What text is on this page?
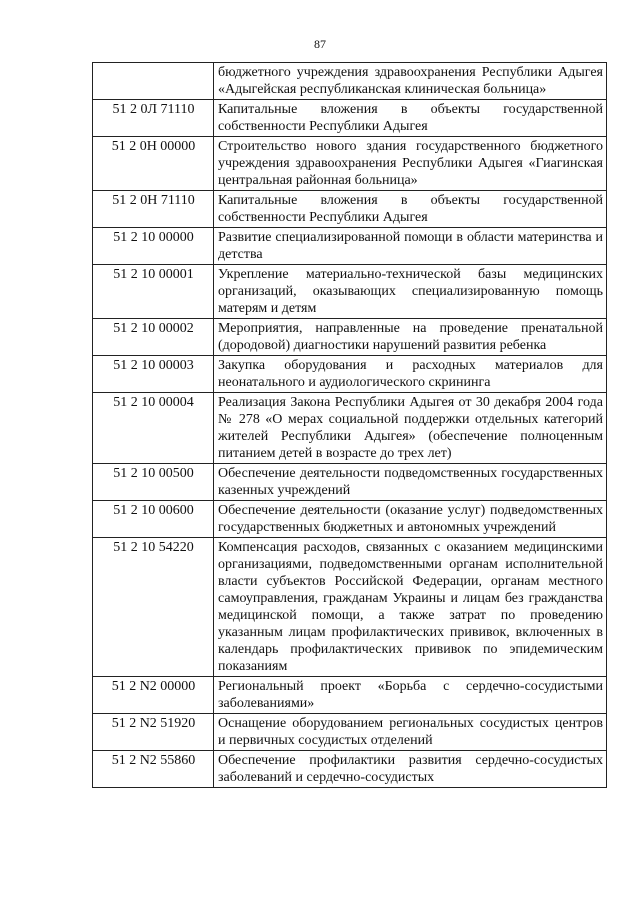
87
	бюджетного учреждения здравоохранения Республики Адыгея «Адыгейская республиканская клиническая больница»
51 2 0Л 71110	Капитальные вложения в объекты государственной собственности Республики Адыгея
51 2 0Н 00000	Строительство нового здания государственного бюджетного учреждения здравоохранения Республики Адыгея «Гиагинская центральная районная больница»
51 2 0Н 71110	Капитальные вложения в объекты государственной собственности Республики Адыгея
51 2 10 00000	Развитие специализированной помощи в области материнства и детства
51 2 10 00001	Укрепление материально-технической базы медицинских организаций, оказывающих специализированную помощь матерям и детям
51 2 10 00002	Мероприятия, направленные на проведение пренатальной (дородовой) диагностики нарушений развития ребенка
51 2 10 00003	Закупка оборудования и расходных материалов для неонатального и аудиологического скрининга
51 2 10 00004	Реализация Закона Республики Адыгея от 30 декабря 2004 года № 278 «О мерах социальной поддержки отдельных категорий жителей Республики Адыгея» (обеспечение полноценным питанием детей в возрасте до трех лет)
51 2 10 00500	Обеспечение деятельности подведомственных государственных казенных учреждений
51 2 10 00600	Обеспечение деятельности (оказание услуг) подведомственных государственных бюджетных и автономных учреждений
51 2 10 54220	Компенсация расходов, связанных с оказанием медицинскими организациями, подведомственными органам исполнительной власти субъектов Российской Федерации, органам местного самоуправления, гражданам Украины и лицам без гражданства медицинской помощи, а также затрат по проведению указанным лицам профилактических прививок, включенных в календарь профилактических прививок по эпидемическим показаниям
51 2 N2 00000	Региональный проект «Борьба с сердечно-сосудистыми заболеваниями»
51 2 N2 51920	Оснащение оборудованием региональных сосудистых центров и первичных сосудистых отделений
51 2 N2 55860	Обеспечение профилактики развития сердечно-сосудистых заболеваний и сердечно-сосудистых
